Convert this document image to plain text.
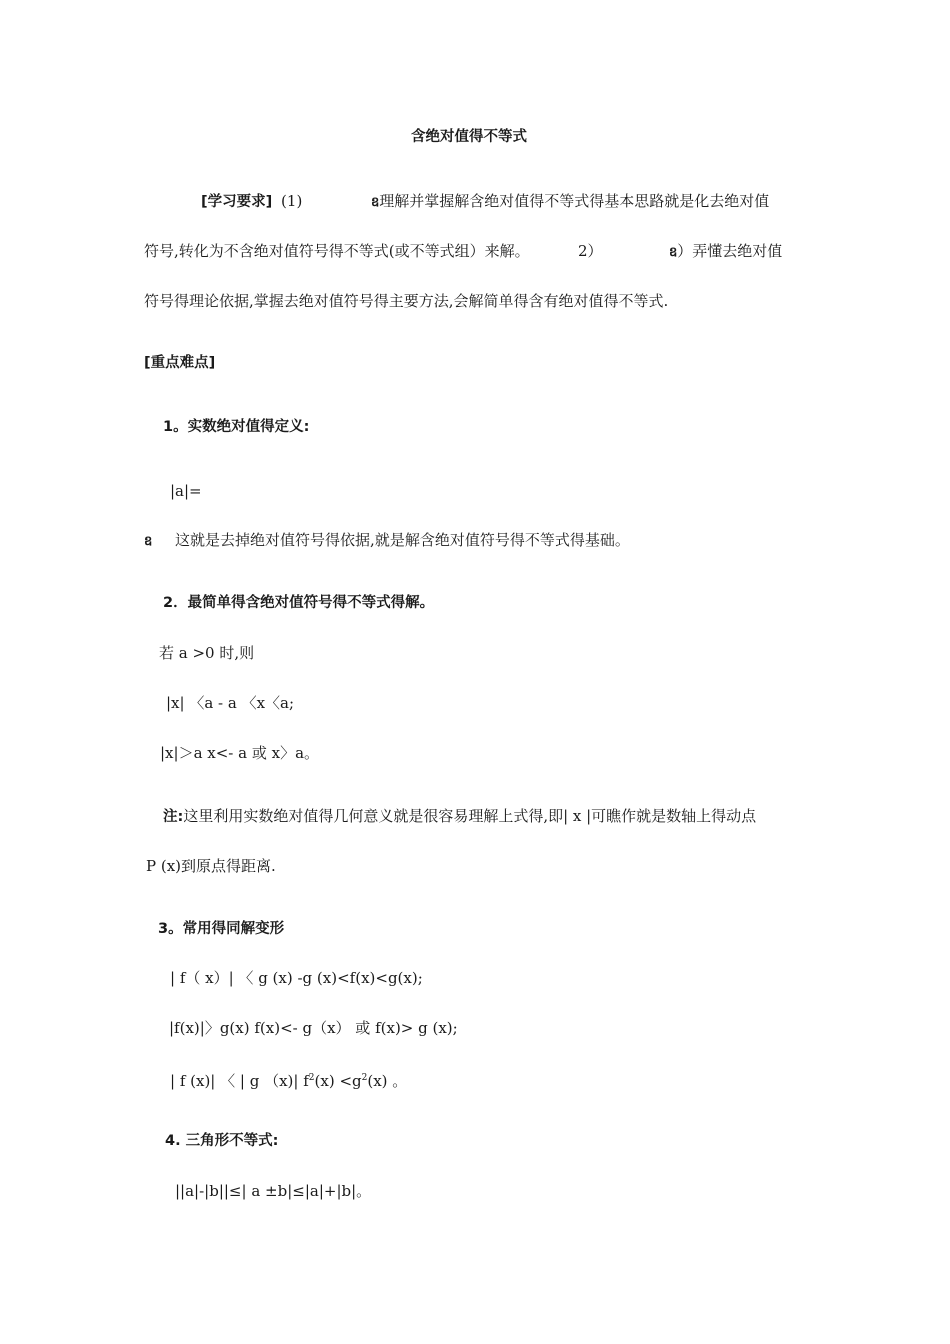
含绝对值得不等式
[学习要求] (1)	ឧ理解并掌握解含绝对值得不等式得基本思路就是化去绝对值
符号,转化为不含绝对值符号得不等式(或不等式组）来解。	2）	ឧ）弄懂去绝对值
符号得理论依据,掌握去绝对值符号得主要方法,会解简单得含有绝对值得不等式.
[重点难点]
1。实数绝对值得定义:
|a|=
ឧ 这就是去掉绝对值符号得依据,就是解含绝对值符号得不等式得基础。
2．最简单得含绝对值符号得不等式得解。
若 a >0 时,则
|x| 〈a - a 〈x〈a;
|x|＞a x<- a 或 x〉a。
注:这里利用实数绝对值得几何意义就是很容易理解上式得,即| x |可瞧作就是数轴上得动点
P (x)到原点得距离.
3。常用得同解变形
| f（ x）| 〈 g (x) -g (x)<f(x)<g(x);
|f(x)|〉g(x) f(x)<- g（x） 或 f(x)> g (x);
| f (x)| 〈 | g （x)| $f^2(x) <g^2(x)$ 。
4. 三角形不等式:
||a|-|b||≤| a ±b|≤|a|+|b|。
